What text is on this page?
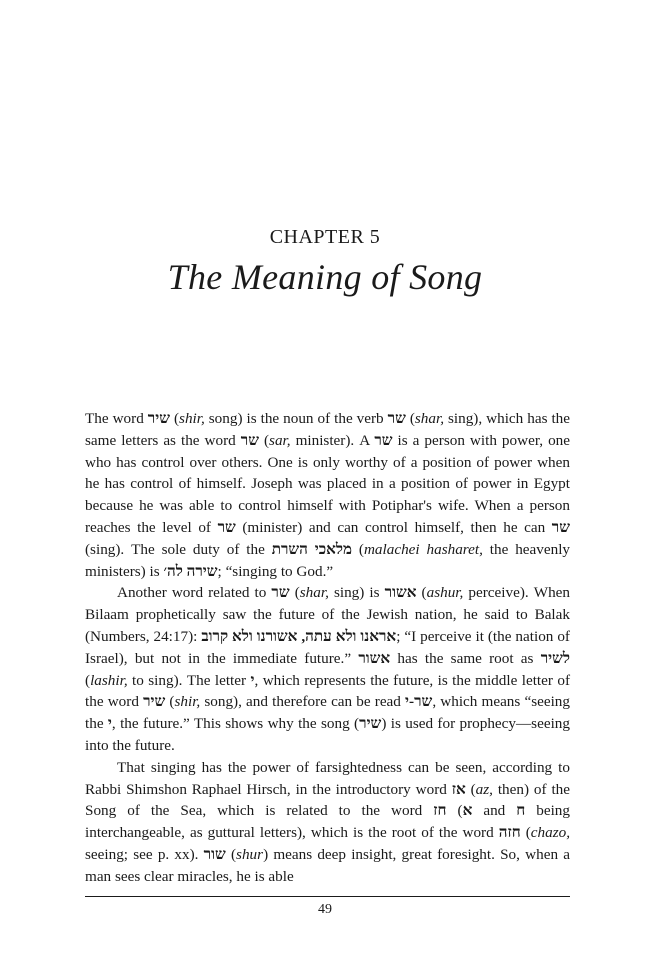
CHAPTER 5
The Meaning of Song

The word שיר (shir, song) is the noun of the verb שר (shar, sing), which has the same letters as the word שר (sar, minister). A שר is a person with power, one who has control over others. One is only worthy of a position of power when he has control of himself. Joseph was placed in a position of power in Egypt because he was able to control himself with Potiphar's wife. When a person reaches the level of שר (minister) and can control himself, then he can שר (sing). The sole duty of the מלאכי השרת (malachei hasharet, the heavenly ministers) is שירה לה׳; “singing to God.”

Another word related to שר (shar, sing) is אשור (ashur, perceive). When Bilaam prophetically saw the future of the Jewish nation, he said to Balak (Numbers, 24:17): אראנו ולא עתה, אשורנו ולא קרוב; “I perceive it (the nation of Israel), but not in the immediate future.” אשור has the same root as לשיר (lashir, to sing). The letter י, which represents the future, is the middle letter of the word שיר (shir, song), and therefore can be read שר-י, which means “seeing the י, the future.” This shows why the song (שיר) is used for prophecy—seeing into the future.

That singing has the power of farsightedness can be seen, according to Rabbi Shimshon Raphael Hirsch, in the introductory word אז (az, then) of the Song of the Sea, which is related to the word חז (א and ח being interchangeable, as guttural letters), which is the root of the word חזה (chazo, seeing; see p. xx). שור (shur) means deep insight, great foresight. So, when a man sees clear miracles, he is able

49
